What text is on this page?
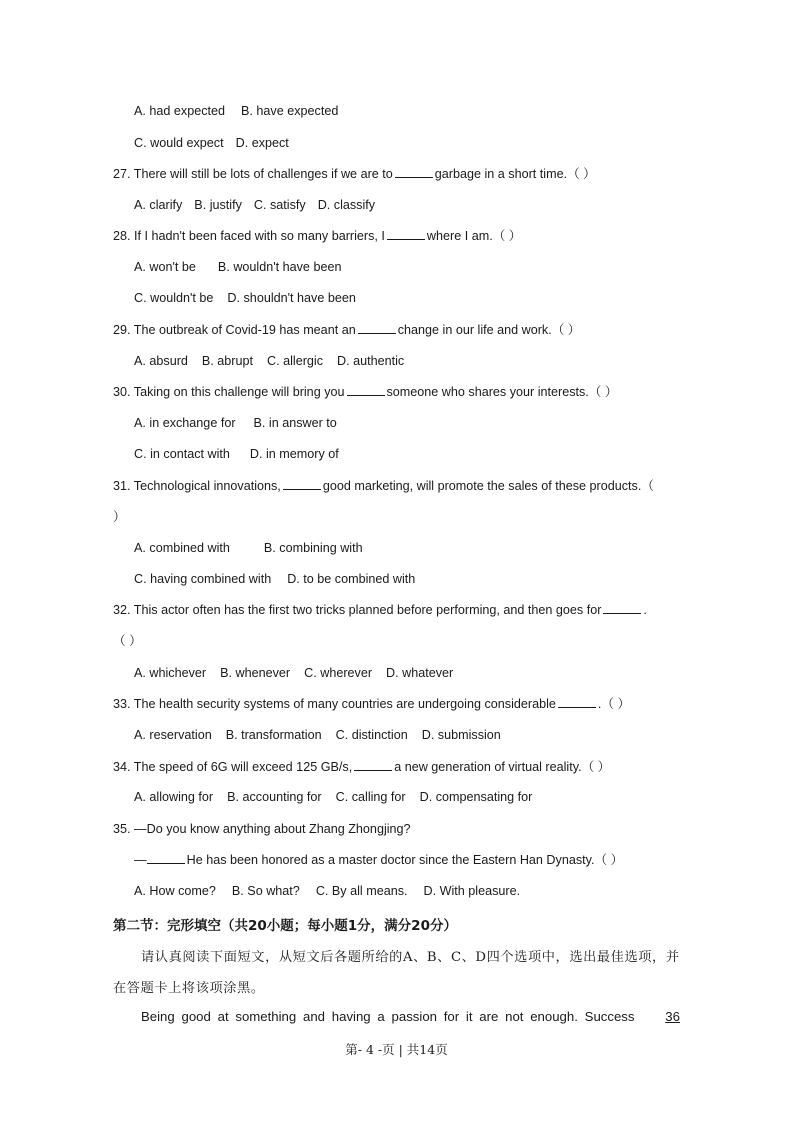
A. had expected B. have expected
C. would expect D. expect
27. There will still be lots of challenges if we are to	garbage in a short time.（ ）
A. clarify B. justify C. satisfy D. classify
28. If I hadn't been faced with so many barriers, I	where I am.（ ）
A. won't be B. wouldn't have been
C. wouldn't be D. shouldn't have been
29. The outbreak of Covid-19 has meant an	change in our life and work.（ ）
A. absurd B. abrupt C. allergic D. authentic
30. Taking on this challenge will bring you	someone who shares your interests.（ ）
A. in exchange for B. in answer to
C. in contact with D. in memory of
31. Technological innovations,	good marketing, will promote the sales of these products.（
）
A. combined with	B. combining with
C. having combined with D. to be combined with
32. This actor often has the first two tricks planned before performing, and then goes for	.
（ ）
A. whichever B. whenever C. wherever D. whatever
33. The health security systems of many countries are undergoing considerable	.（ ）
A. reservation B. transformation C. distinction D. submission
34. The speed of 6G will exceed 125 GB/s,	a new generation of virtual reality.（ ）
A. allowing for B. accounting for C. calling for D. compensating for
35. —Do you know anything about Zhang Zhongjing?
—	He has been honored as a master doctor since the Eastern Han Dynasty.（ ）
A. How come? B. So what? C. By all means. D. With pleasure.
第二节：完形填空（共20小题；每小题1分，满分20分）
请认真阅读下面短文，从短文后各题所给的A、B、C、D四个选项中，选出最佳选项，并
在答题卡上将该项涂黑。
Being good at something and having a passion for it are not enough. Success	36
第- 4 -页 | 共14页
